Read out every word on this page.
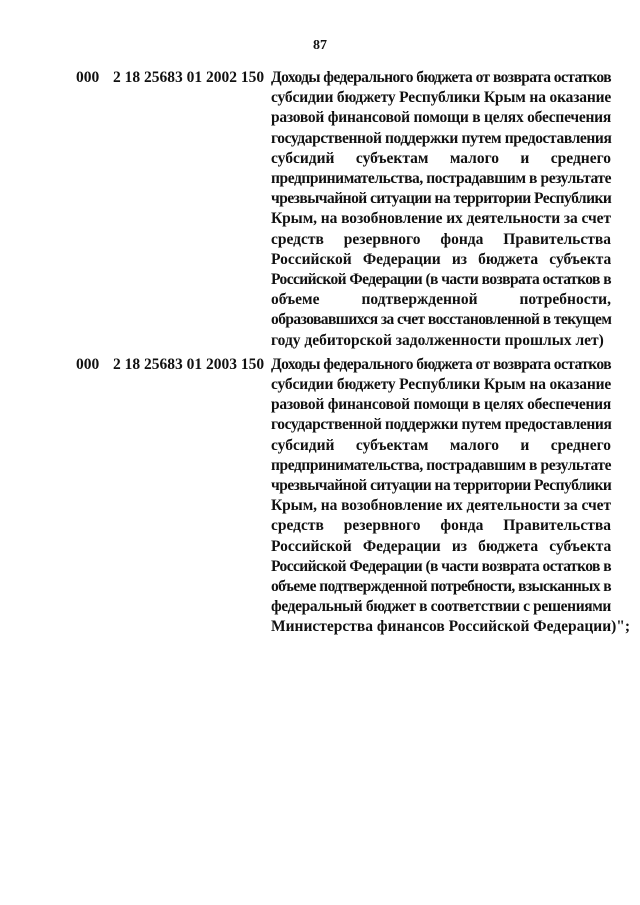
87
000 2 18 25683 01 2002 150 Доходы федерального бюджета от возврата остатков
субсидии бюджету Республики Крым на оказание
разовой финансовой помощи в целях обеспечения
государственной поддержки путем предоставления
субсидий субъектам малого и среднего
предпринимательства, пострадавшим в результате
чрезвычайной ситуации на территории Республики
Крым, на возобновление их деятельности за счет
средств резервного фонда Правительства
Российской Федерации из бюджета субъекта
Российской Федерации (в части возврата остатков в
объеме подтвержденной потребности,
образовавшихся за счет восстановленной в текущем
году дебиторской задолженности прошлых лет)
000 2 18 25683 01 2003 150 Доходы федерального бюджета от возврата остатков
субсидии бюджету Республики Крым на оказание
разовой финансовой помощи в целях обеспечения
государственной поддержки путем предоставления
субсидий субъектам малого и среднего
предпринимательства, пострадавшим в результате
чрезвычайной ситуации на территории Республики
Крым, на возобновление их деятельности за счет
средств резервного фонда Правительства
Российской Федерации из бюджета субъекта
Российской Федерации (в части возврата остатков в
объеме подтвержденной потребности, взысканных в
федеральный бюджет в соответствии с решениями
Министерства финансов Российской Федерации)";
